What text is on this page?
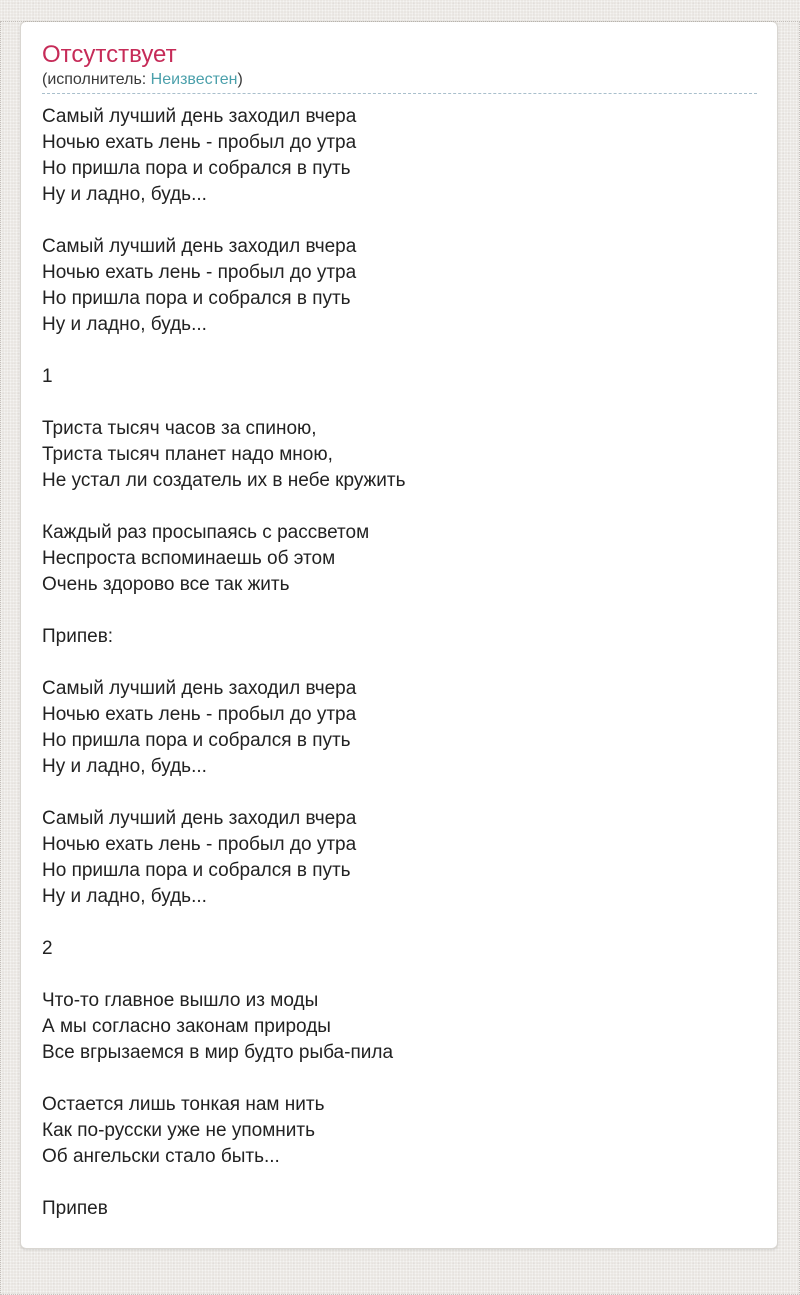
Отсутствует
(исполнитель: Неизвестен)
Самый лучший день заходил вчера
Ночью ехать лень - пробыл до утра
Но пришла пора и собрался в путь
Ну и ладно, будь...

Самый лучший день заходил вчера
Ночью ехать лень - пробыл до утра
Но пришла пора и собрался в путь
Ну и ладно, будь...

1

Триста тысяч часов за спиною,
Триста тысяч планет надо мною,
Не устал ли создатель их в небе кружить

Каждый раз просыпаясь с рассветом
Неспроста вспоминаешь об этом
Очень здорово все так жить

Припев:

Самый лучший день заходил вчера
Ночью ехать лень - пробыл до утра
Но пришла пора и собрался в путь
Ну и ладно, будь...

Самый лучший день заходил вчера
Ночью ехать лень - пробыл до утра
Но пришла пора и собрался в путь
Ну и ладно, будь...

2

Что-то главное вышло из моды
А мы согласно законам природы
Все вгрызаемся в мир будто рыба-пила

Остается лишь тонкая нам нить
Как по-русски уже не упомнить
Об ангельски стало быть...

Припев
